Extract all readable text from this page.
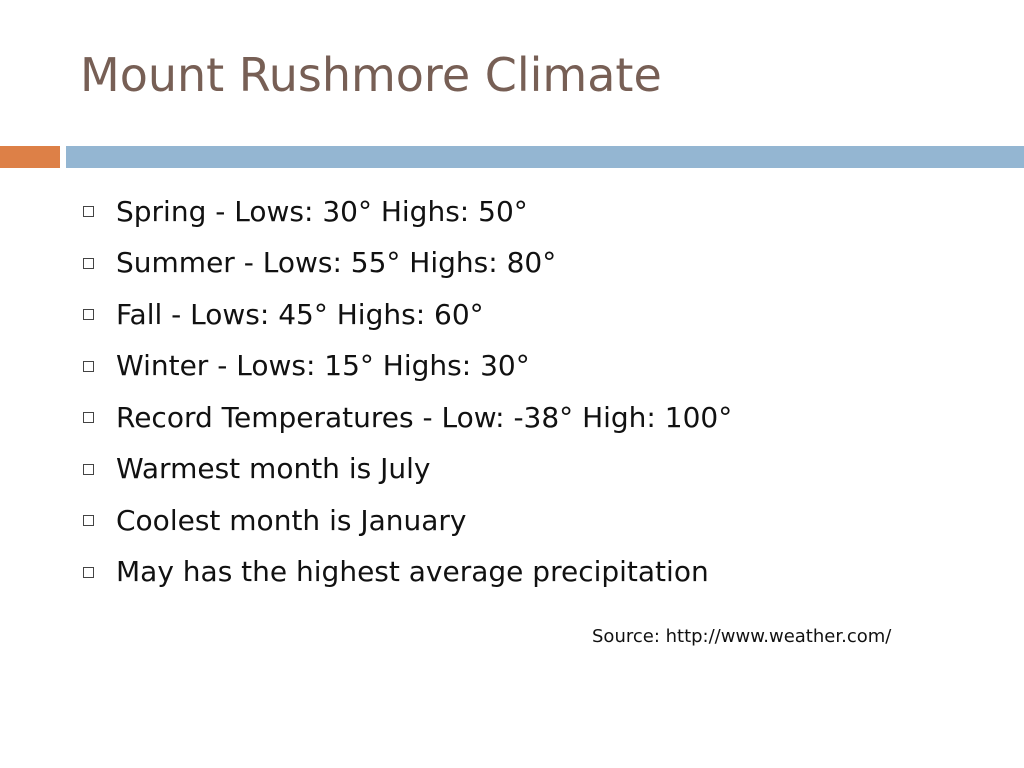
Mount Rushmore Climate
Spring - Lows: 30° Highs: 50°
Summer - Lows: 55° Highs: 80°
Fall - Lows: 45° Highs: 60°
Winter - Lows: 15° Highs: 30°
Record Temperatures - Low: -38° High: 100°
Warmest month is July
Coolest month is January
May has the highest average precipitation
Source: http://www.weather.com/
